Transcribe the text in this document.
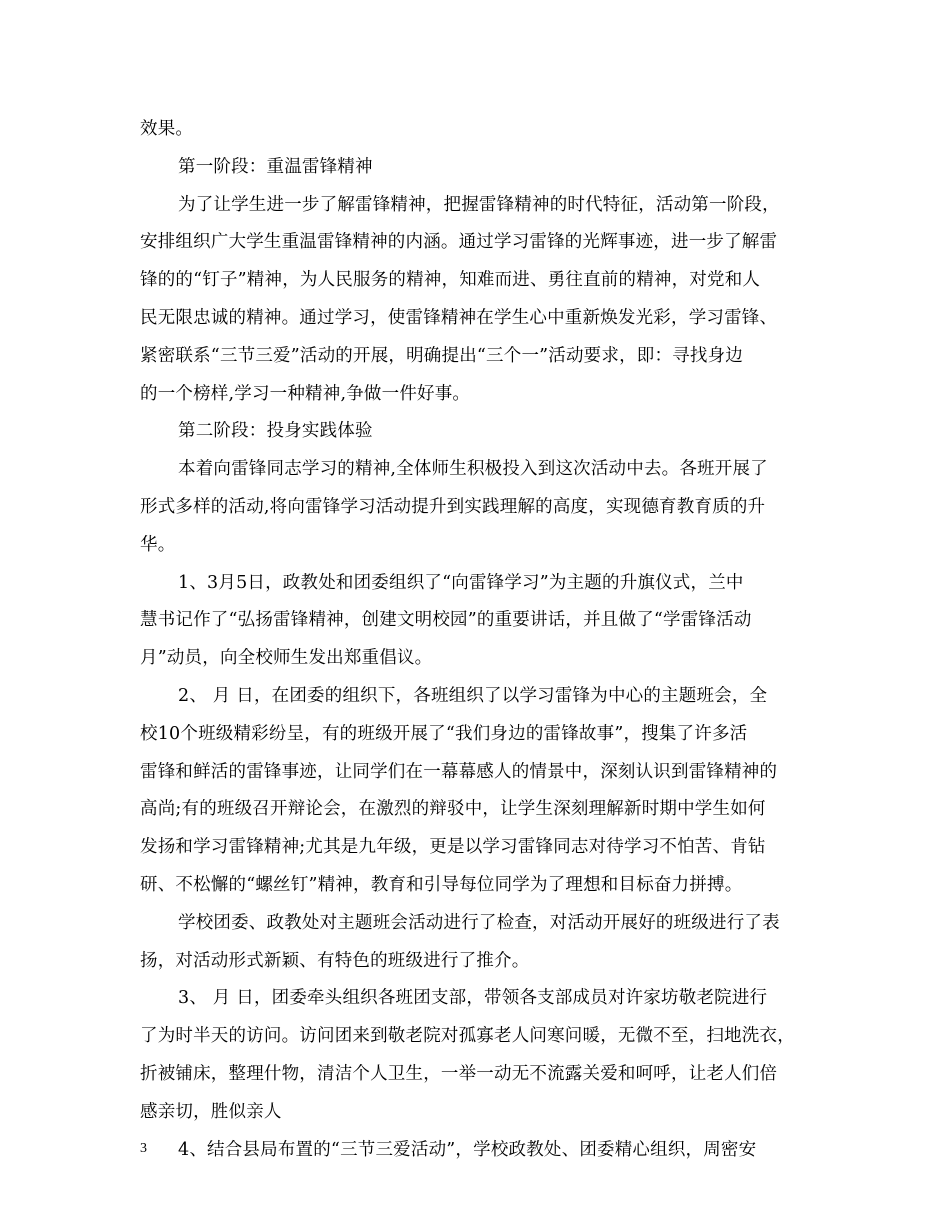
效果。
第一阶段：重温雷锋精神
为了让学生进一步了解雷锋精神，把握雷锋精神的时代特征，活动第一阶段，
安排组织广大学生重温雷锋精神的内涵。通过学习雷锋的光辉事迹，进一步了解雷
锋的的“钉子”精神，为人民服务的精神，知难而进、勇往直前的精神，对党和人
民无限忠诚的精神。通过学习，使雷锋精神在学生心中重新焕发光彩，学习雷锋、
紧密联系“三节三爱”活动的开展，明确提出“三个一”活动要求，即：寻找身边
的一个榜样,学习一种精神,争做一件好事。
第二阶段：投身实践体验
本着向雷锋同志学习的精神,全体师生积极投入到这次活动中去。各班开展了
形式多样的活动,将向雷锋学习活动提升到实践理解的高度，实现德育教育质的升
华。
1、3月5日，政教处和团委组织了“向雷锋学习”为主题的升旗仪式，兰中
慧书记作了“弘扬雷锋精神，创建文明校园”的重要讲话，并且做了“学雷锋活动
月”动员，向全校师生发出郑重倡议。
2、 月 日，在团委的组织下，各班组织了以学习雷锋为中心的主题班会，全
校10个班级精彩纷呈，有的班级开展了“我们身边的雷锋故事”，搜集了许多活
雷锋和鲜活的雷锋事迹，让同学们在一幕幕感人的情景中，深刻认识到雷锋精神的
高尚;有的班级召开辩论会，在激烈的辩驳中，让学生深刻理解新时期中学生如何
发扬和学习雷锋精神;尤其是九年级，更是以学习雷锋同志对待学习不怕苦、肯钻
研、不松懈的“螺丝钉”精神，教育和引导每位同学为了理想和目标奋力拼搏。
学校团委、政教处对主题班会活动进行了检查，对活动开展好的班级进行了表
扬，对活动形式新颖、有特色的班级进行了推介。
3、 月 日，团委牵头组织各班团支部，带领各支部成员对许家坊敬老院进行
了为时半天的访问。访问团来到敬老院对孤寡老人问寒问暖，无微不至，扫地洗衣，
折被铺床，整理什物，清洁个人卫生，一举一动无不流露关爱和呵呼，让老人们倍
感亲切，胜似亲人
4、结合县局布置的“三节三爱活动”，学校政教处、团委精心组织，周密安
3
